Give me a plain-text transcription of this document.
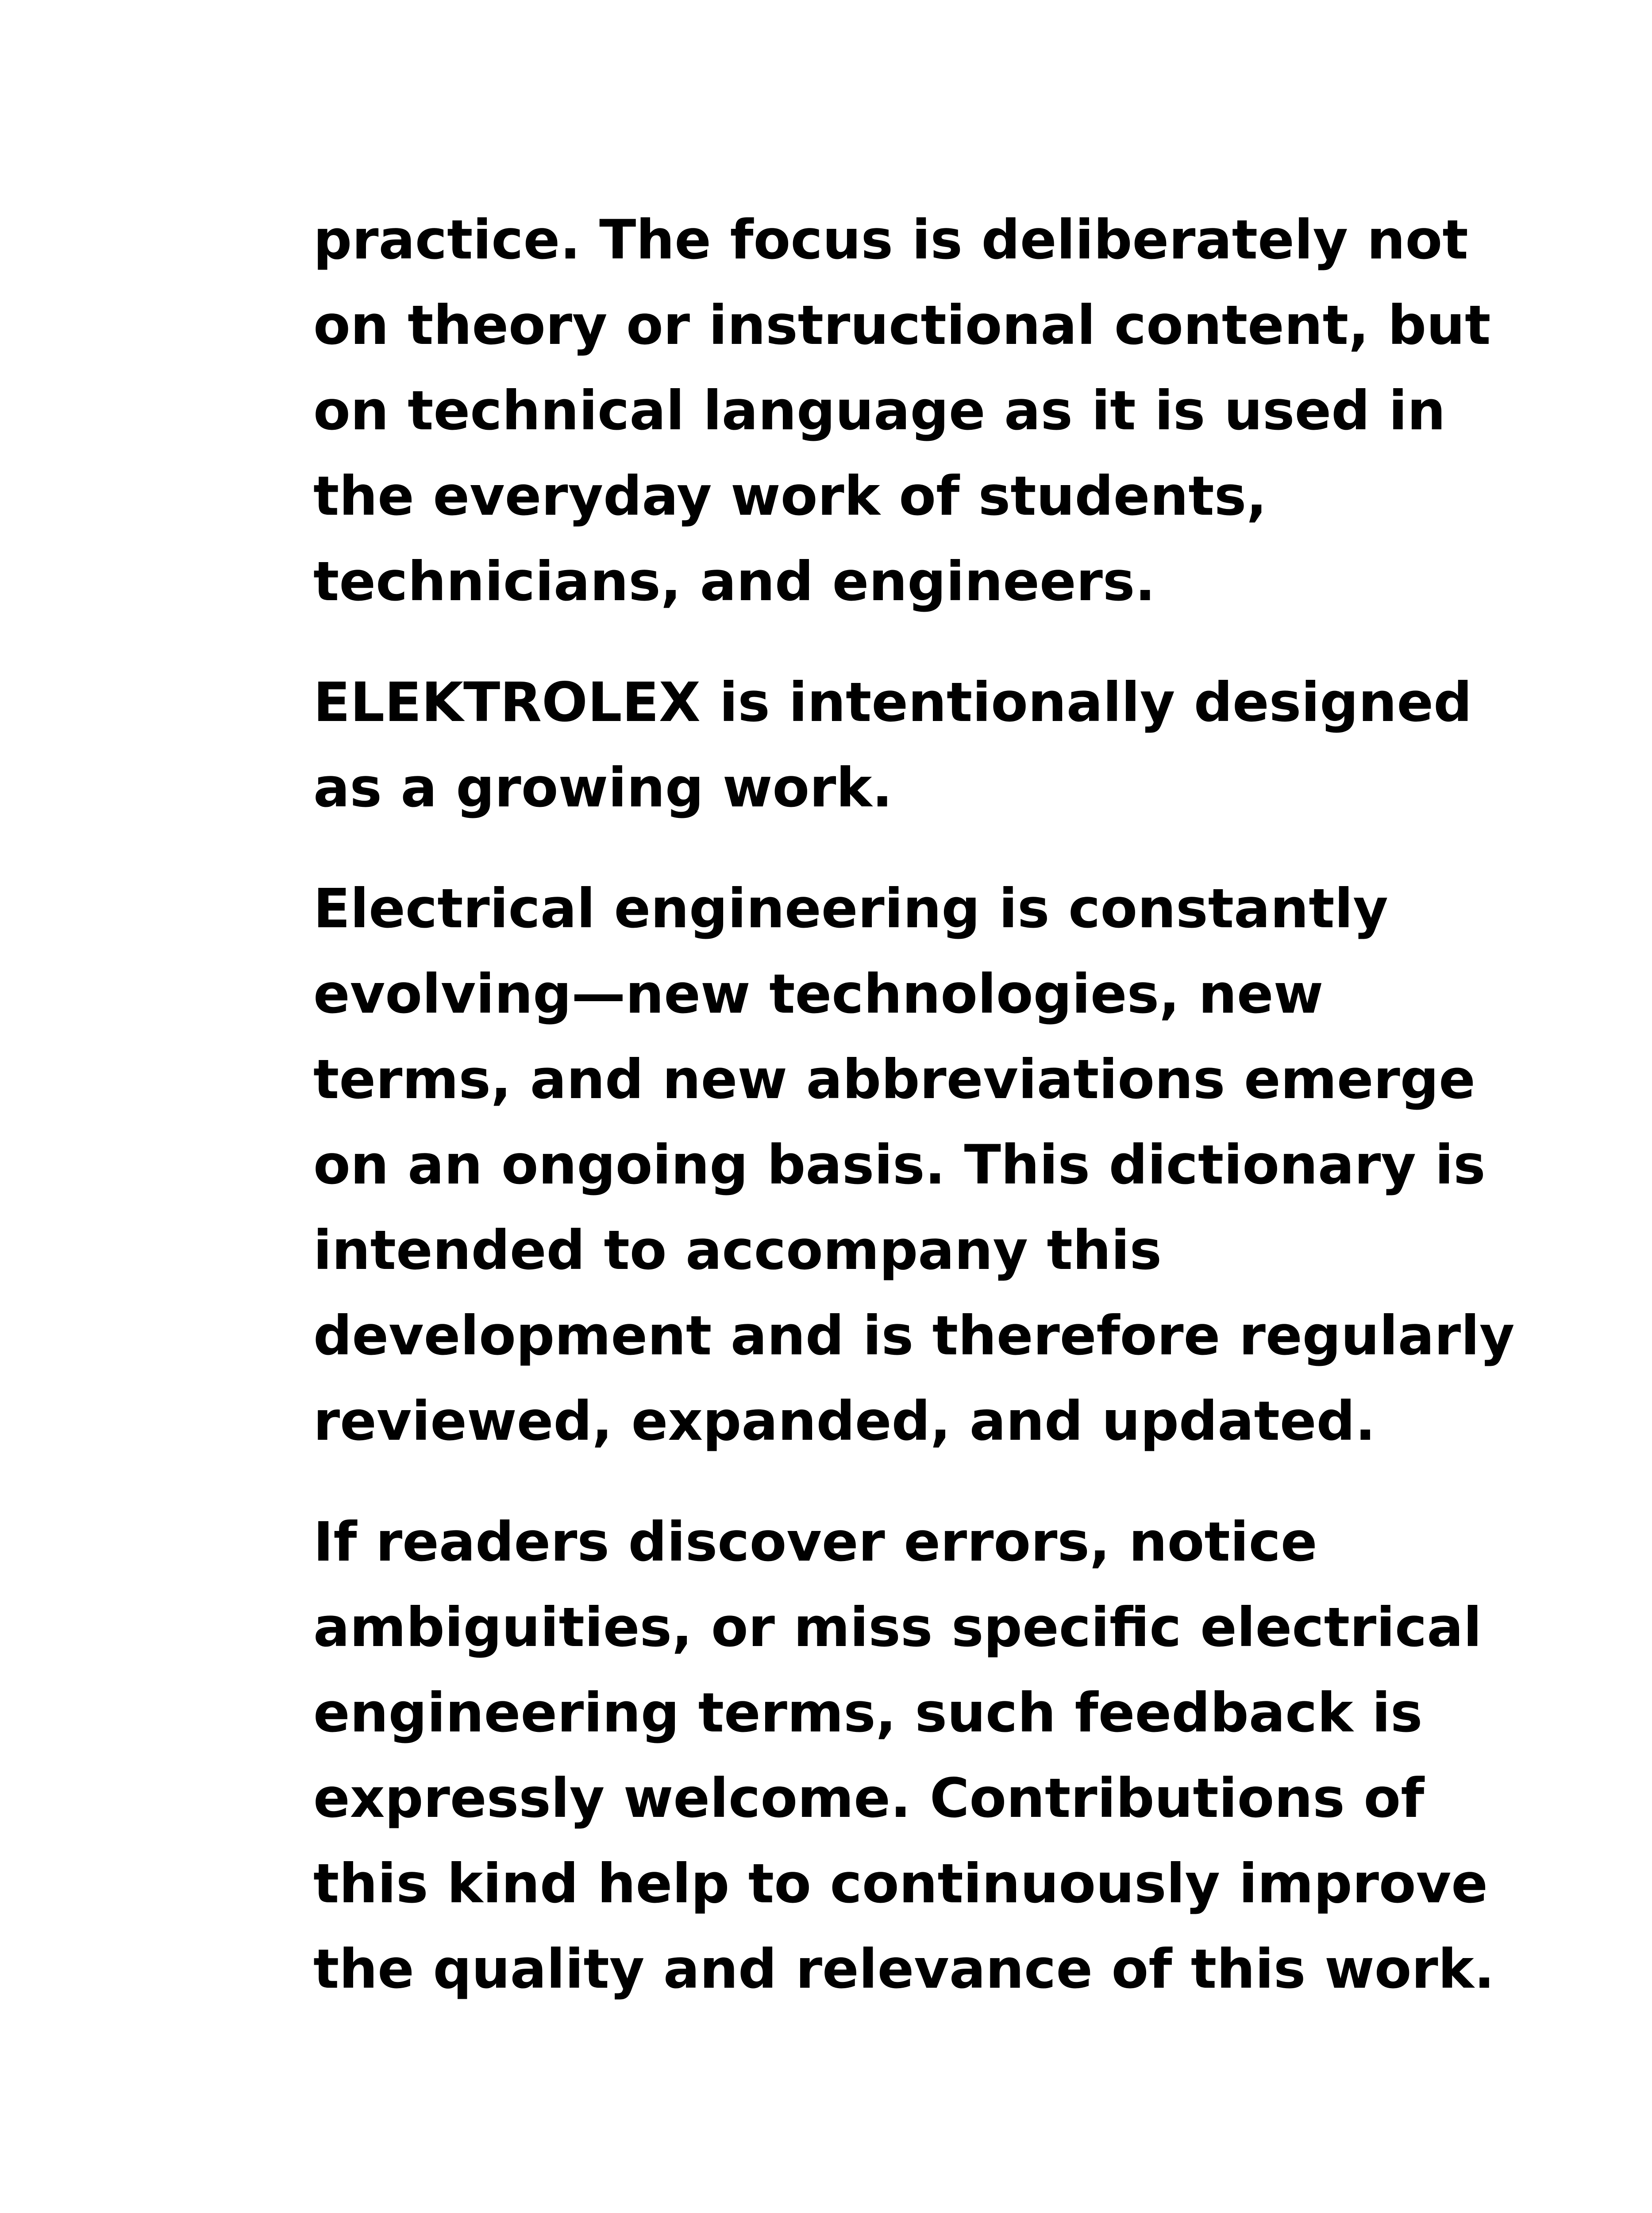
practice. The focus is deliberately not
on theory or instructional content, but
on technical language as it is used in
the everyday work of students,
technicians, and engineers.

ELEKTROLEX is intentionally designed
as a growing work.

Electrical engineering is constantly
evolving—new technologies, new
terms, and new abbreviations emerge
on an ongoing basis. This dictionary is
intended to accompany this
development and is therefore regularly
reviewed, expanded, and updated.

If readers discover errors, notice
ambiguities, or miss specific electrical
engineering terms, such feedback is
expressly welcome. Contributions of
this kind help to continuously improve
the quality and relevance of this work.
